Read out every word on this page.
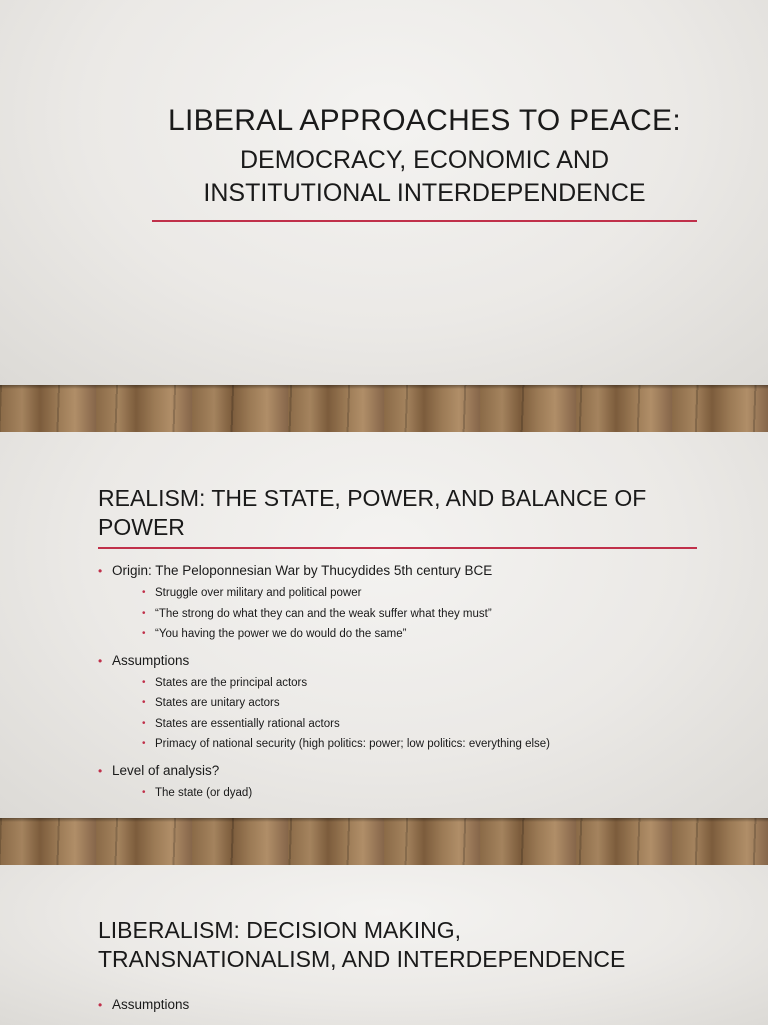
LIBERAL APPROACHES TO PEACE:
DEMOCRACY, ECONOMIC AND
INSTITUTIONAL INTERDEPENDENCE
REALISM: THE STATE, POWER, AND BALANCE OF
POWER
• Origin: The Peloponnesian War by Thucydides 5th century BCE
• Struggle over military and political power
• “The strong do what they can and the weak suffer what they must”
• “You having the power we do would do the same”
• Assumptions
• States are the principal actors
• States are unitary actors
• States are essentially rational actors
• Primacy of national security (high politics: power; low politics: everything else)
• Level of analysis?
• The state (or dyad)
LIBERALISM: DECISION MAKING,
TRANSNATIONALISM, AND INTERDEPENDENCE
• Assumptions
